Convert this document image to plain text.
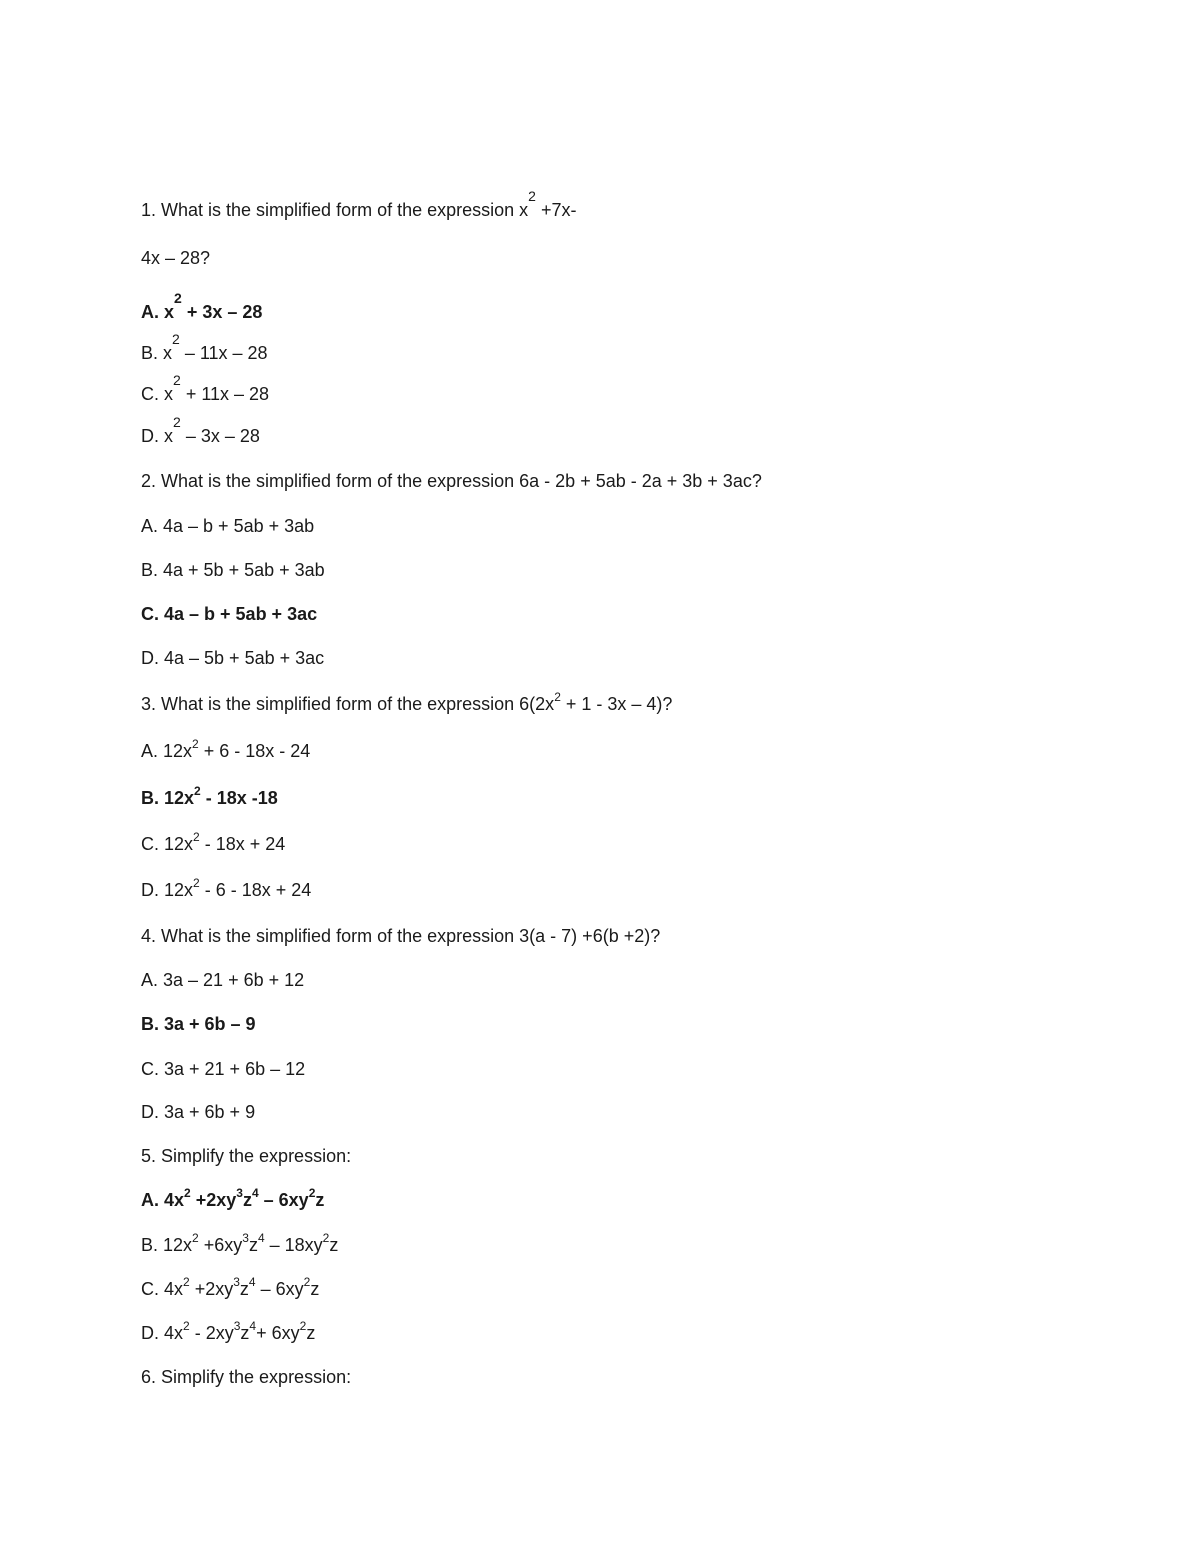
1. What is the simplified form of the expression $x^2 +7x-$
4x – 28?
A. $x^2 + 3x - 28$
B. $x^2 - 11x - 28$
C. $x^2 + 11x - 28$
D. $x^2 - 3x - 28$
2. What is the simplified form of the expression 6a - 2b + 5ab - 2a + 3b + 3ac?
A. 4a – b + 5ab + 3ab
B. 4a + 5b + 5ab + 3ab
C. 4a – b + 5ab + 3ac
D. 4a – 5b + 5ab + 3ac
3. What is the simplified form of the expression $6(2x^2 + 1 - 3x - 4)$?
A. $12x^2 + 6 - 18x - 24$
B. $12x^2 - 18x$ -18
C. $12x^2 - 18x + 24$
D. $12x^2 - 6 - 18x + 24$
4. What is the simplified form of the expression 3(a - 7) +6(b +2)?
A. 3a – 21 + 6b + 12
B. 3a + 6b – 9
C. 3a + 21 + 6b – 12
D. 3a + 6b + 9
5. Simplify the expression:
A. $4x^2 +2xy^3z^4 - 6xy^2z$
B. $12x^2 +6xy^3z^4 - 18xy^2z$
C. $4x^2 +2xy^3z^4 - 6xy^2z$
D. $4x^2 - 2xy^3z^4+ 6xy^2z$
6. Simplify the expression:
